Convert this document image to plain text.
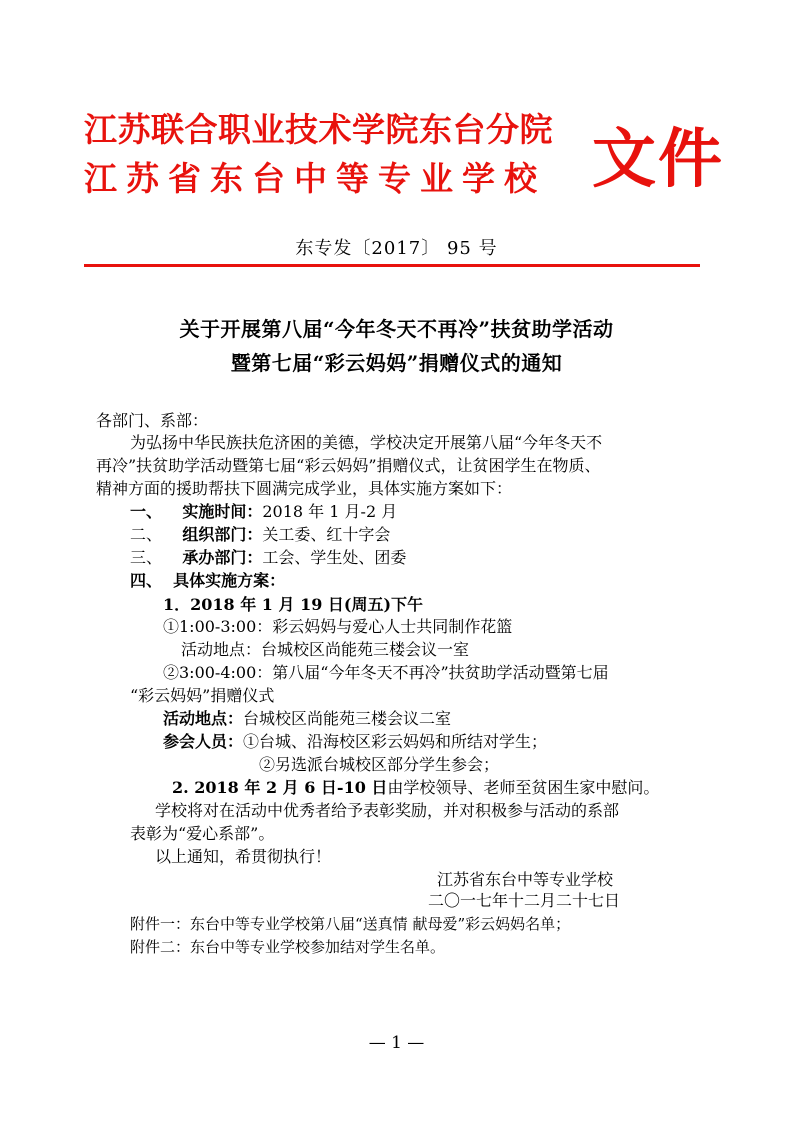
江苏联合职业技术学院东台分院
江苏省东台中等专业学校 文件
东专发〔2017〕 95 号
关于开展第八届“今年冬天不再冷”扶贫助学活动
暨第七届“彩云妈妈”捐赠仪式的通知
各部门、系部：
为弘扬中华民族扶危济困的美德，学校决定开展第八届“今年冬天不
再冷”扶贫助学活动暨第七届“彩云妈妈”捐赠仪式，让贫困学生在物质、
精神方面的援助帮扶下圆满完成学业，具体实施方案如下：
一、 实施时间：2018 年 1 月-2 月
二、 组织部门：关工委、红十字会
三、 承办部门：工会、学生处、团委
四、 具体实施方案：
1．2018 年 1 月 19 日(周五)下午
①1:00-3:00：彩云妈妈与爱心人士共同制作花篮
活动地点：台城校区尚能苑三楼会议一室
②3:00-4:00：第八届“今年冬天不再冷”扶贫助学活动暨第七届
“彩云妈妈”捐赠仪式
活动地点：台城校区尚能苑三楼会议二室
参会人员：①台城、沿海校区彩云妈妈和所结对学生；
②另选派台城校区部分学生参会；
2. 2018 年 2 月 6 日-10 日由学校领导、老师至贫困生家中慰问。
学校将对在活动中优秀者给予表彰奖励，并对积极参与活动的系部
表彰为“爱心系部”。
以上通知，希贯彻执行！
江苏省东台中等专业学校
二〇一七年十二月二十七日
附件一：东台中等专业学校第八届“送真情 献母爱”彩云妈妈名单；
附件二：东台中等专业学校参加结对学生名单。
— 1 —
